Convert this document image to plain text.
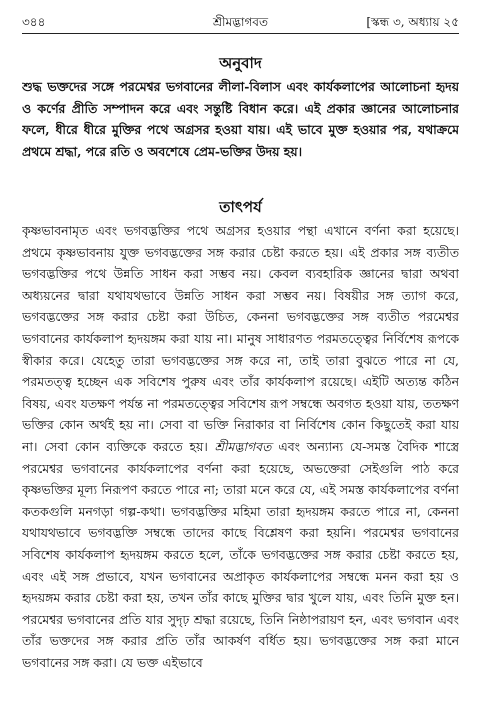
৩৪৪	শ্রীমদ্ভাগবত	[স্কন্ধ ৩, অধ্যায় ২৫
অনুবাদ

শুদ্ধ ভক্তদের সঙ্গে পরমেশ্বর ভগবানের লীলা-বিলাস এবং কার্যকলাপের আলোচনা হৃদয় ও কর্ণের প্রীতি সম্পাদন করে এবং সন্তুষ্টি বিধান করে। এই প্রকার জ্ঞানের আলোচনার ফলে, ধীরে ধীরে মুক্তির পথে অগ্রসর হওয়া যায়। এই ভাবে মুক্ত হওয়ার পর, যথাক্রমে প্রথমে শ্রদ্ধা, পরে রতি ও অবশেষে প্রেম-ভক্তির উদয় হয়।

তাৎপর্য

কৃষ্ণভাবনামৃত এবং ভগবদ্ভক্তির পথে অগ্রসর হওয়ার পন্থা এখানে বর্ণনা করা হয়েছে। প্রথমে কৃষ্ণভাবনায় যুক্ত ভগবদ্ভক্তের সঙ্গ করার চেষ্টা করতে হয়। এই প্রকার সঙ্গ ব্যতীত ভগবদ্ভক্তির পথে উন্নতি সাধন করা সম্ভব নয়। কেবল ব্যবহারিক জ্ঞানের দ্বারা অথবা অধ্যয়নের দ্বারা যথাযথভাবে উন্নতি সাধন করা সম্ভব নয়। বিষয়ীর সঙ্গ ত্যাগ করে, ভগবদ্ভক্তের সঙ্গ করার চেষ্টা করা উচিত, কেননা ভগবদ্ভক্তের সঙ্গ ব্যতীত পরমেশ্বর ভগবানের কার্যকলাপ হৃদয়ঙ্গম করা যায় না। মানুষ সাধারণত পরমতত্ত্বের নির্বিশেষ রূপকে স্বীকার করে। যেহেতু তারা ভগবদ্ভক্তের সঙ্গ করে না, তাই তারা বুঝতে পারে না যে, পরমতত্ত্ব হচ্ছেন এক সবিশেষ পুরুষ এবং তাঁর কার্যকলাপ রয়েছে। এইটি অত্যন্ত কঠিন বিষয়, এবং যতক্ষণ পর্যন্ত না পরমতত্ত্বের সবিশেষ রূপ সম্বন্ধে অবগত হওয়া যায়, ততক্ষণ ভক্তির কোন অর্থই হয় না। সেবা বা ভক্তি নিরাকার বা নির্বিশেষ কোন কিছুতেই করা যায় না। সেবা কোন ব্যক্তিকে করতে হয়। শ্রীমদ্ভাগবত এবং অন্যান্য যে-সমস্ত বৈদিক শাস্ত্রে পরমেশ্বর ভগবানের কার্যকলাপের বর্ণনা করা হয়েছে, অভক্তেরা সেইগুলি পাঠ করে কৃষ্ণভক্তির মূল্য নিরূপণ করতে পারে না; তারা মনে করে যে, এই সমস্ত কার্যকলাপের বর্ণনা কতকগুলি মনগড়া গল্প-কথা। ভগবদ্ভক্তির মহিমা তারা হৃদয়ঙ্গম করতে পারে না, কেননা যথাযথভাবে ভগবদ্ভক্তি সম্বন্ধে তাদের কাছে বিশ্লেষণ করা হয়নি। পরমেশ্বর ভগবানের সবিশেষ কার্যকলাপ হৃদয়ঙ্গম করতে হলে, তাঁকে ভগবদ্ভক্তের সঙ্গ করার চেষ্টা করতে হয়, এবং এই সঙ্গ প্রভাবে, যখন ভগবানের অপ্রাকৃত কার্যকলাপের সম্বন্ধে মনন করা হয় ও হৃদয়ঙ্গম করার চেষ্টা করা হয়, তখন তাঁর কাছে মুক্তির দ্বার খুলে যায়, এবং তিনি মুক্ত হন। পরমেশ্বর ভগবানের প্রতি যার সুদৃঢ় শ্রদ্ধা রয়েছে, তিনি নিষ্ঠাপরায়ণ হন, এবং ভগবান এবং তাঁর ভক্তদের সঙ্গ করার প্রতি তাঁর আকর্ষণ বর্ধিত হয়। ভগবদ্ভক্তের সঙ্গ করা মানে ভগবানের সঙ্গ করা। যে ভক্ত এইভাবে
